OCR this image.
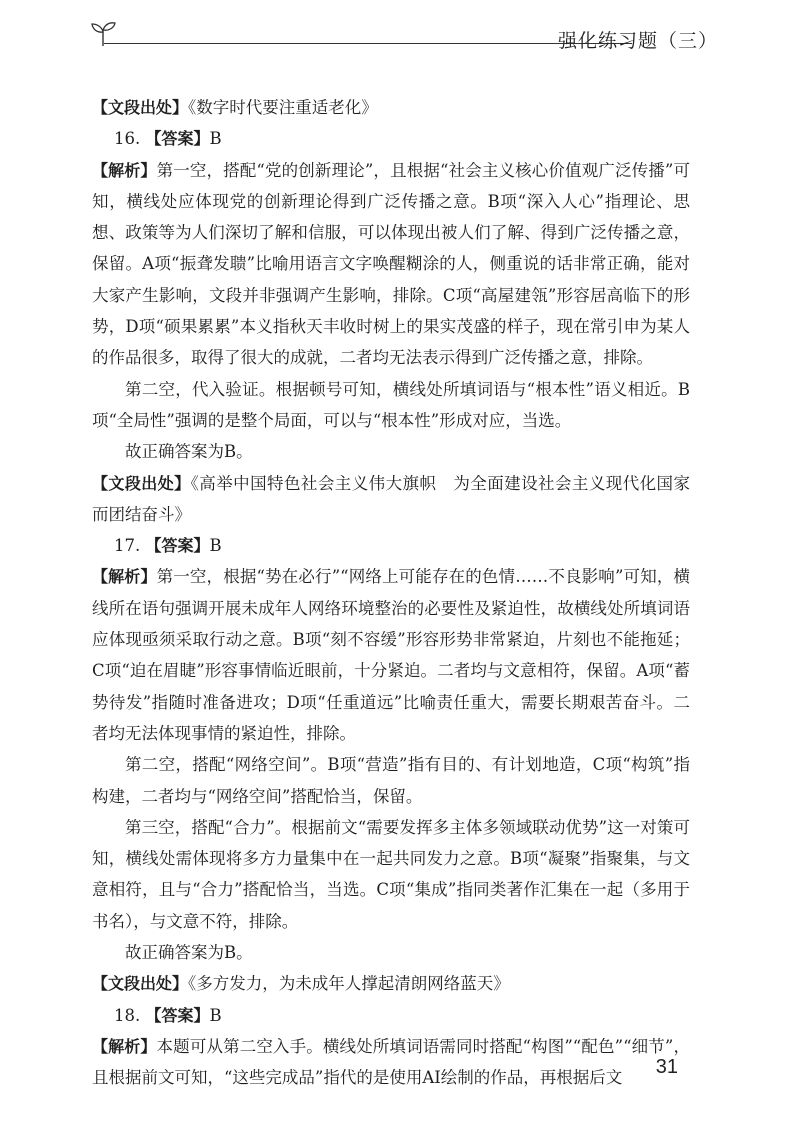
强化练习题（三）

【文段出处】《数字时代要注重适老化》

16. 【答案】B

【解析】第一空，搭配“党的创新理论”，且根据“社会主义核心价值观广泛传播”可知，横线处应体现党的创新理论得到广泛传播之意。B项“深入人心”指理论、思想、政策等为人们深切了解和信服，可以体现出被人们了解、得到广泛传播之意，保留。A项“振聋发聩”比喻用语言文字唤醒糊涂的人，侧重说的话非常正确，能对大家产生影响，文段并非强调产生影响，排除。C项“高屋建瓴”形容居高临下的形势，D项“硕果累累”本义指秋天丰收时树上的果实茂盛的样子，现在常引申为某人的作品很多，取得了很大的成就，二者均无法表示得到广泛传播之意，排除。

第二空，代入验证。根据顿号可知，横线处所填词语与“根本性”语义相近。B项“全局性”强调的是整个局面，可以与“根本性”形成对应，当选。

故正确答案为B。

【文段出处】《高举中国特色社会主义伟大旗帜　为全面建设社会主义现代化国家而团结奋斗》

17. 【答案】B

【解析】第一空，根据“势在必行”“网络上可能存在的色情……不良影响”可知，横线所在语句强调开展未成年人网络环境整治的必要性及紧迫性，故横线处所填词语应体现亟须采取行动之意。B项“刻不容缓”形容形势非常紧迫，片刻也不能拖延；C项“迫在眉睫”形容事情临近眼前，十分紧迫。二者均与文意相符，保留。A项“蓄势待发”指随时准备进攻；D项“任重道远”比喻责任重大，需要长期艰苦奋斗。二者均无法体现事情的紧迫性，排除。

第二空，搭配“网络空间”。B项“营造”指有目的、有计划地造，C项“构筑”指构建，二者均与“网络空间”搭配恰当，保留。

第三空，搭配“合力”。根据前文“需要发挥多主体多领域联动优势”这一对策可知，横线处需体现将多方力量集中在一起共同发力之意。B项“凝聚”指聚集，与文意相符，且与“合力”搭配恰当，当选。C项“集成”指同类著作汇集在一起（多用于书名），与文意不符，排除。

故正确答案为B。

【文段出处】《多方发力，为未成年人撑起清朗网络蓝天》

18. 【答案】B

【解析】本题可从第二空入手。横线处所填词语需同时搭配“构图”“配色”“细节”，且根据前文可知，“这些完成品”指代的是使用AI绘制的作品，再根据后文	31
